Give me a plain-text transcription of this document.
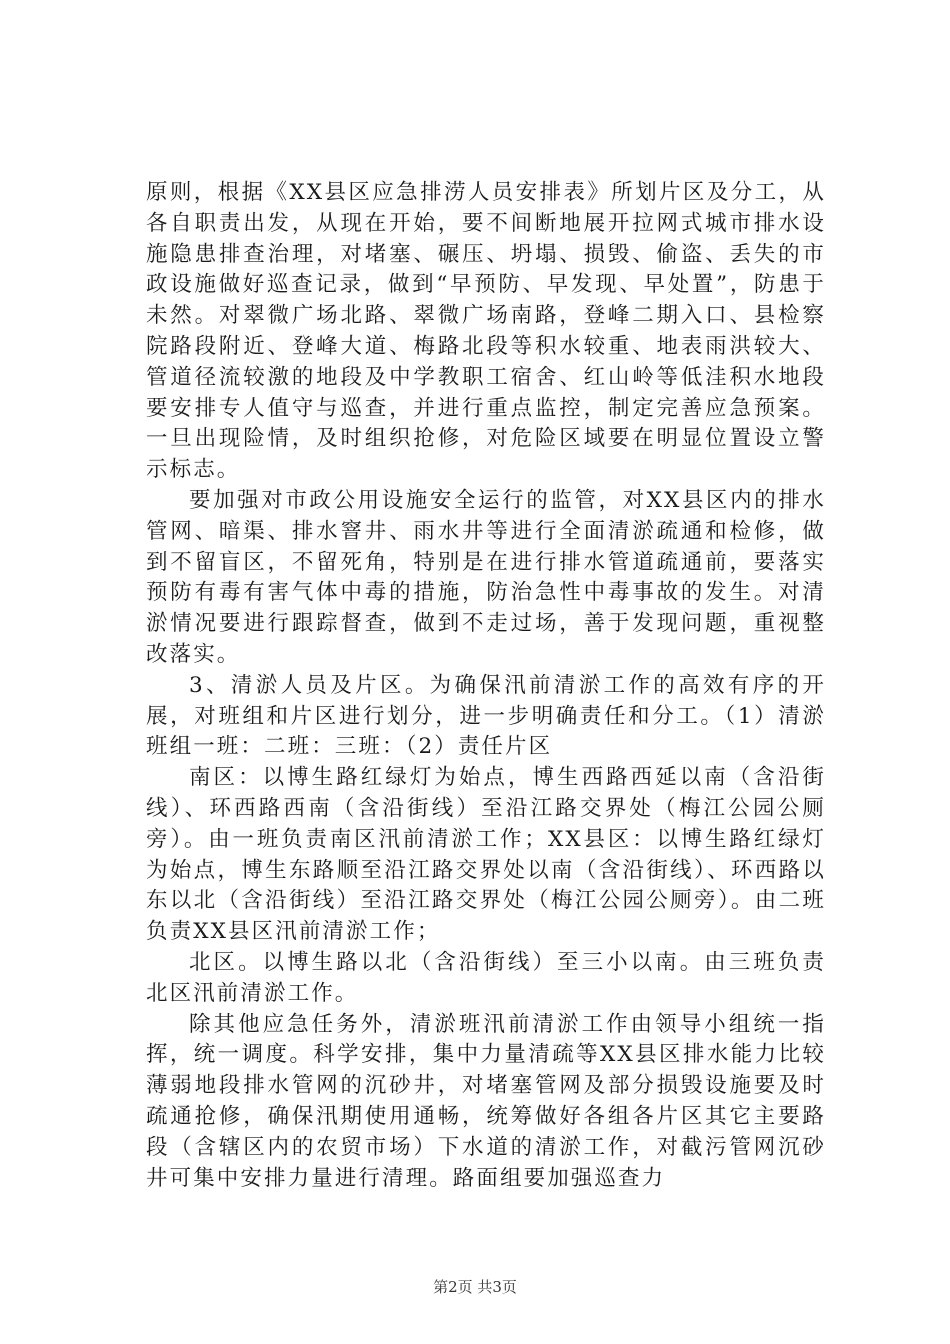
原则，根据《XX县区应急排涝人员安排表》所划片区及分工，从各自职责出发，从现在开始，要不间断地展开拉网式城市排水设施隐患排查治理，对堵塞、碾压、坍塌、损毁、偷盗、丢失的市政设施做好巡查记录，做到“早预防、早发现、早处置”，防患于未然。对翠微广场北路、翠微广场南路，登峰二期入口、县检察院路段附近、登峰大道、梅路北段等积水较重、地表雨洪较大、管道径流较激的地段及中学教职工宿舍、红山岭等低洼积水地段要安排专人值守与巡查，并进行重点监控，制定完善应急预案。一旦出现险情，及时组织抢修，对危险区域要在明显位置设立警示标志。

要加强对市政公用设施安全运行的监管，对XX县区内的排水管网、暗渠、排水窨井、雨水井等进行全面清淤疏通和检修，做到不留盲区，不留死角，特别是在进行排水管道疏通前，要落实预防有毒有害气体中毒的措施，防治急性中毒事故的发生。对清淤情况要进行跟踪督查，做到不走过场，善于发现问题，重视整改落实。

3、清淤人员及片区。为确保汛前清淤工作的高效有序的开展，对班组和片区进行划分，进一步明确责任和分工。（1）清淤班组一班：二班：三班：（2）责任片区

南区：以博生路红绿灯为始点，博生西路西延以南（含沿街线）、环西路西南（含沿街线）至沿江路交界处（梅江公园公厕旁）。由一班负责南区汛前清淤工作；XX县区：以博生路红绿灯为始点，博生东路顺至沿江路交界处以南（含沿街线）、环西路以东以北（含沿街线）至沿江路交界处（梅江公园公厕旁）。由二班负责XX县区汛前清淤工作；

北区。以博生路以北（含沿街线）至三小以南。由三班负责北区汛前清淤工作。

除其他应急任务外，清淤班汛前清淤工作由领导小组统一指挥，统一调度。科学安排，集中力量清疏等XX县区排水能力比较薄弱地段排水管网的沉砂井，对堵塞管网及部分损毁设施要及时疏通抢修，确保汛期使用通畅，统筹做好各组各片区其它主要路段（含辖区内的农贸市场）下水道的清淤工作，对截污管网沉砂井可集中安排力量进行清理。路面组要加强巡查力

第2页 共3页
